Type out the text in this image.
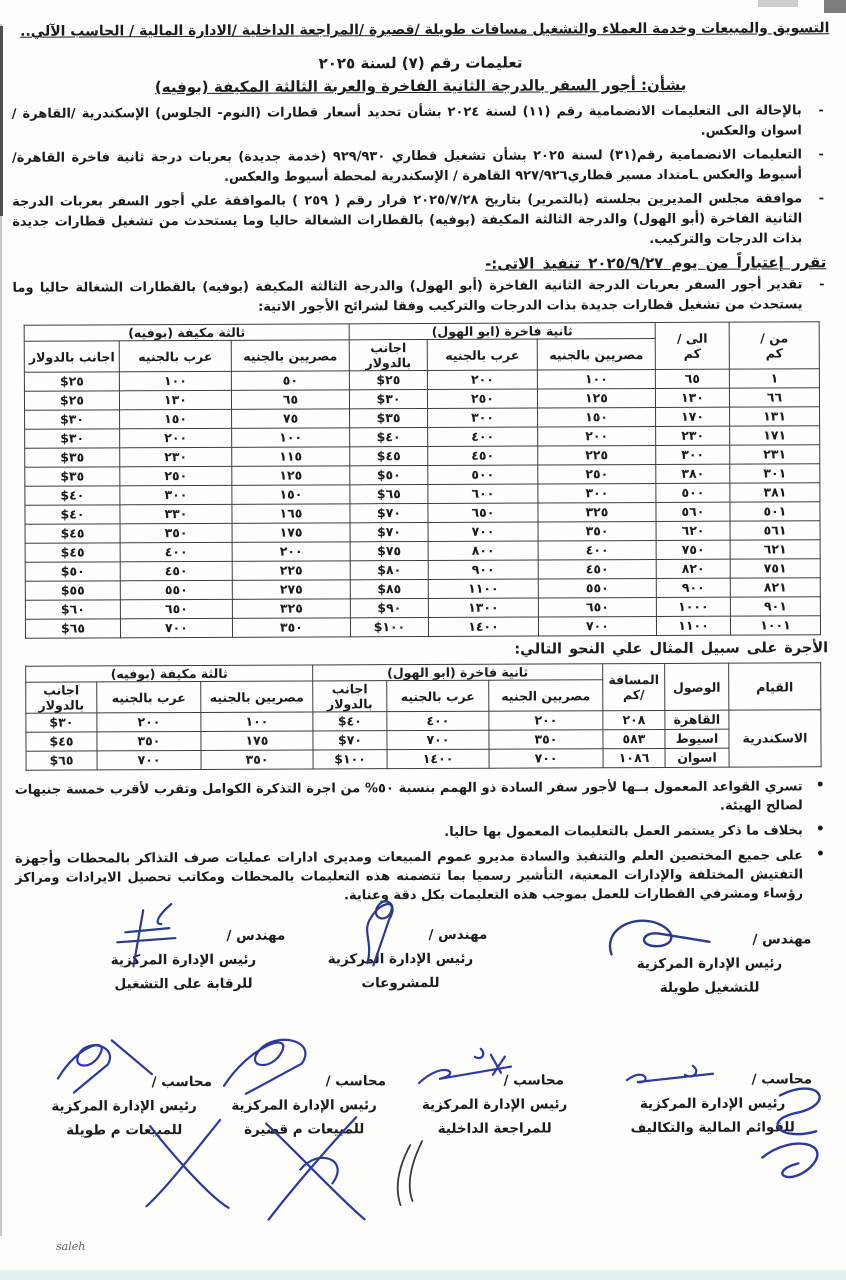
التسويق والمبيعات وخدمة العملاء والتشغيل مسافات طويلة /قصيرة /المراجعة الداخلية /الادارة المالية / الحاسب الآلي..

تعليمات رقم (٧) لسنة ٢٠٢٥

بشأن: أجور السفر بالدرجة الثانية الفاخرة والعربة الثالثة المكيفة (بوفيه)

-
بالإحالة الى التعليمات الانضمامية رقم (١١) لسنة ٢٠٢٤ بشأن تحديد أسعار قطارات (النوم- الجلوس) الإسكندرية /القاهرة /اسوان والعكس.
-
التعليمات الانضمامية رقم(٣١) لسنة ٢٠٢٥ بشأن تشغيل قطاري ٩٢٩/٩٣٠ (خدمة جديدة) بعربات درجة ثانية فاخرة القاهرة/ أسيوط والعكس ـامتداد مسير قطاري٩٢٧/٩٢٦ القاهرة / الإسكندرية لمحطة أسيوط والعكس.
-
موافقة مجلس المديرين بجلسته (بالتمرير) بتاريخ ٢٠٢٥/٧/٢٨ قرار رقم ( ٢٥٩ ) بالموافقة علي أجور السفر بعربات الدرجة الثانية الفاخرة (أبو الهول) والدرجة الثالثة المكيفة (بوفيه) بالقطارات الشغالة حاليا وما يستحدث من تشغيل قطارات جديدة بذات الدرجات والتركيب.

تقرر إعتباراً من يوم ٢٠٢٥/٩/٢٧ تنفيذ الاتى:-

-
تقدير أجور السفر بعربات الدرجة الثانية الفاخرة (أبو الهول) والدرجة الثالثة المكيفة (بوفيه) بالقطارات الشغالة حاليا وما يستحدث من تشغيل قطارات جديدة بذات الدرجات والتركيب وفقا لشرائح الأجور الاتية:
من /
كم	الى /
كم	ثانية فاخرة (ابو الهول)			ثالثة مكيفة (بوفيه)		
		مصريين بالجنيه	عرب بالجنيه	اجانب بالدولار	مصريين بالجنيه	عرب بالجنيه	اجانب بالدولار
١	٦٥	١٠٠	٢٠٠	$٢٥	٥٠	١٠٠	$٢٥
٦٦	١٣٠	١٢٥	٢٥٠	$٣٠	٦٥	١٣٠	$٢٥
١٣١	١٧٠	١٥٠	٣٠٠	$٣٥	٧٥	١٥٠	$٣٠
١٧١	٢٣٠	٢٠٠	٤٠٠	$٤٠	١٠٠	٢٠٠	$٣٠
٢٣١	٣٠٠	٢٢٥	٤٥٠	$٤٥	١١٥	٢٣٠	$٣٥
٣٠١	٣٨٠	٢٥٠	٥٠٠	$٥٠	١٢٥	٢٥٠	$٣٥
٣٨١	٥٠٠	٣٠٠	٦٠٠	$٦٥	١٥٠	٣٠٠	$٤٠
٥٠١	٥٦٠	٣٢٥	٦٥٠	$٧٠	١٦٥	٣٣٠	$٤٠
٥٦١	٦٢٠	٣٥٠	٧٠٠	$٧٠	١٧٥	٣٥٠	$٤٥
٦٢١	٧٥٠	٤٠٠	٨٠٠	$٧٥	٢٠٠	٤٠٠	$٤٥
٧٥١	٨٢٠	٤٥٠	٩٠٠	$٨٠	٢٢٥	٤٥٠	$٥٠
٨٢١	٩٠٠	٥٥٠	١١٠٠	$٨٥	٢٧٥	٥٥٠	$٥٥
٩٠١	١٠٠٠	٦٥٠	١٣٠٠	$٩٠	٣٢٥	٦٥٠	$٦٠
١٠٠١	١١٠٠	٧٠٠	١٤٠٠	$١٠٠	٣٥٠	٧٠٠	$٦٥

الأجرة على سبيل المثال علي النحو التالي:

القيام	الوصول	المسافة
/كم	ثانية فاخرة (ابو الهول)			ثالثة مكيفة (بوفيه)		
			مصريين الجنيه	عرب بالجنيه	اجانب بالدولار	مصريين بالجنيه	عرب بالجنيه	اجانب بالدولار
الاسكندرية	القاهرة	٢٠٨	٢٠٠	٤٠٠	$٤٠	١٠٠	٢٠٠	$٣٠
	اسيوط	٥٨٣	٣٥٠	٧٠٠	$٧٠	١٧٥	٣٥٠	$٤٥
	اسوان	١٠٨٦	٧٠٠	١٤٠٠	$١٠٠	٣٥٠	٧٠٠	$٦٥
•
تسري القواعد المعمول بــها لأجور سفر السادة ذو الهمم بنسبة ٥٠% من اجرة التذكرة الكوامل وتقرب لأقرب خمسة جنيهات لصالح الهيئة.
•
بخلاف ما ذكر يستمر العمل بالتعليمات المعمول بها حاليا.
•
على جميع المختصين العلم والتنفيذ والسادة مديرو عموم المبيعات ومديرى ادارات عمليات صرف التذاكر بالمحطات وأجهزة التفتيش المختلفة والإدارات المعنية، التأشير رسميا بما تتضمنه هذه التعليمات بالمحطات ومكاتب تحصيل الايرادات ومراكز رؤساء ومشرفي القطارات للعمل بموجب هذه التعليمات بكل دقة وعناية.
مهندس /
رئيس الإدارة المركزية
للتشغيل طويلة
مهندس /
رئيس الإدارة المركزية
للمشروعات
مهندس /
رئيس الإدارة المركزية
للرقابة على التشغيل
محاسب /
رئيس الإدارة المركزية
للقوائم المالية والتكاليف
محاسب /
رئيس الإدارة المركزية
للمراجعة الداخلية
محاسب /
رئيس الإدارة المركزية
للمبيعات م قصيرة
محاسب /
رئيس الإدارة المركزية
للمبيعات م طويلة
saleh
